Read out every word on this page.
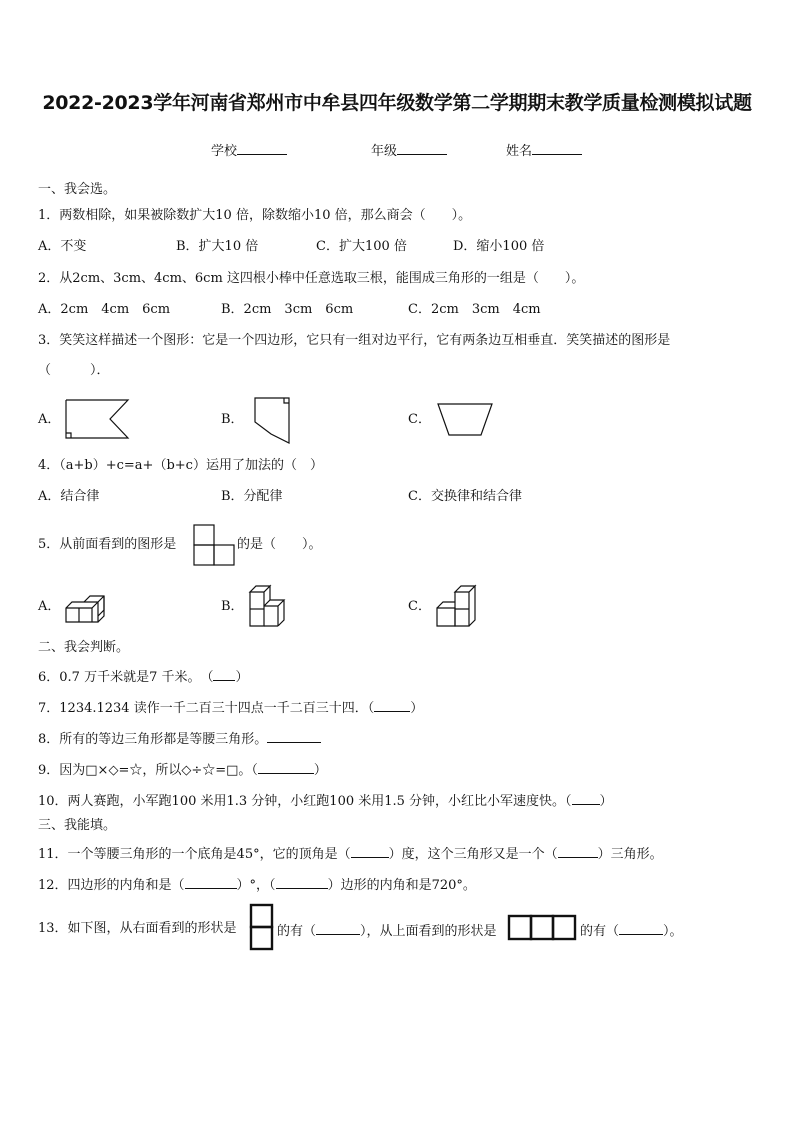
2022-2023学年河南省郑州市中牟县四年级数学第二学期期末教学质量检测模拟试题
学校	年级	姓名
一、我会选。
1．两数相除，如果被除数扩大10 倍，除数缩小10 倍，那么商会（　　）。
A．不变	B．扩大10 倍	C．扩大100 倍	D．缩小100 倍
2．从2cm、3cm、4cm、6cm 这四根小棒中任意选取三根，能围成三角形的一组是（　　）。
A．2cm　4cm　6cm	B．2cm　3cm　6cm	C．2cm　3cm　4cm
3．笑笑这样描述一个图形：它是一个四边形，它只有一组对边平行，它有两条边互相垂直．笑笑描述的图形是
（　　　）．
A．	B．	C．
4．（a+b）+c=a+（b+c）运用了加法的（　）
A．结合律	B．分配律	C．交换律和结合律
5．从前面看到的图形是	的是（　　）。
A．	B．	C．
二、我会判断。
6．0.7 万千米就是7 千米。　（ ）
7．1234.1234 读作一千二百三十四点一千二百三十四．（	）
8．所有的等边三角形都是等腰三角形。
9．因为□×◇=☆，所以◇÷☆=□。（	）
10．两人赛跑，小军跑100 米用1.3 分钟，小红跑100 米用1.5 分钟，小红比小军速度快。（ ）
三、我能填。
11．一个等腰三角形的一个底角是45°，它的顶角是（	）度，这个三角形又是一个（	）三角形。
12．四边形的内角和是（	）°，（	）边形的内角和是720°。
13．如下图，从右面看到的形状是	的有（	），从上面看到的形状是	的有（	）。
